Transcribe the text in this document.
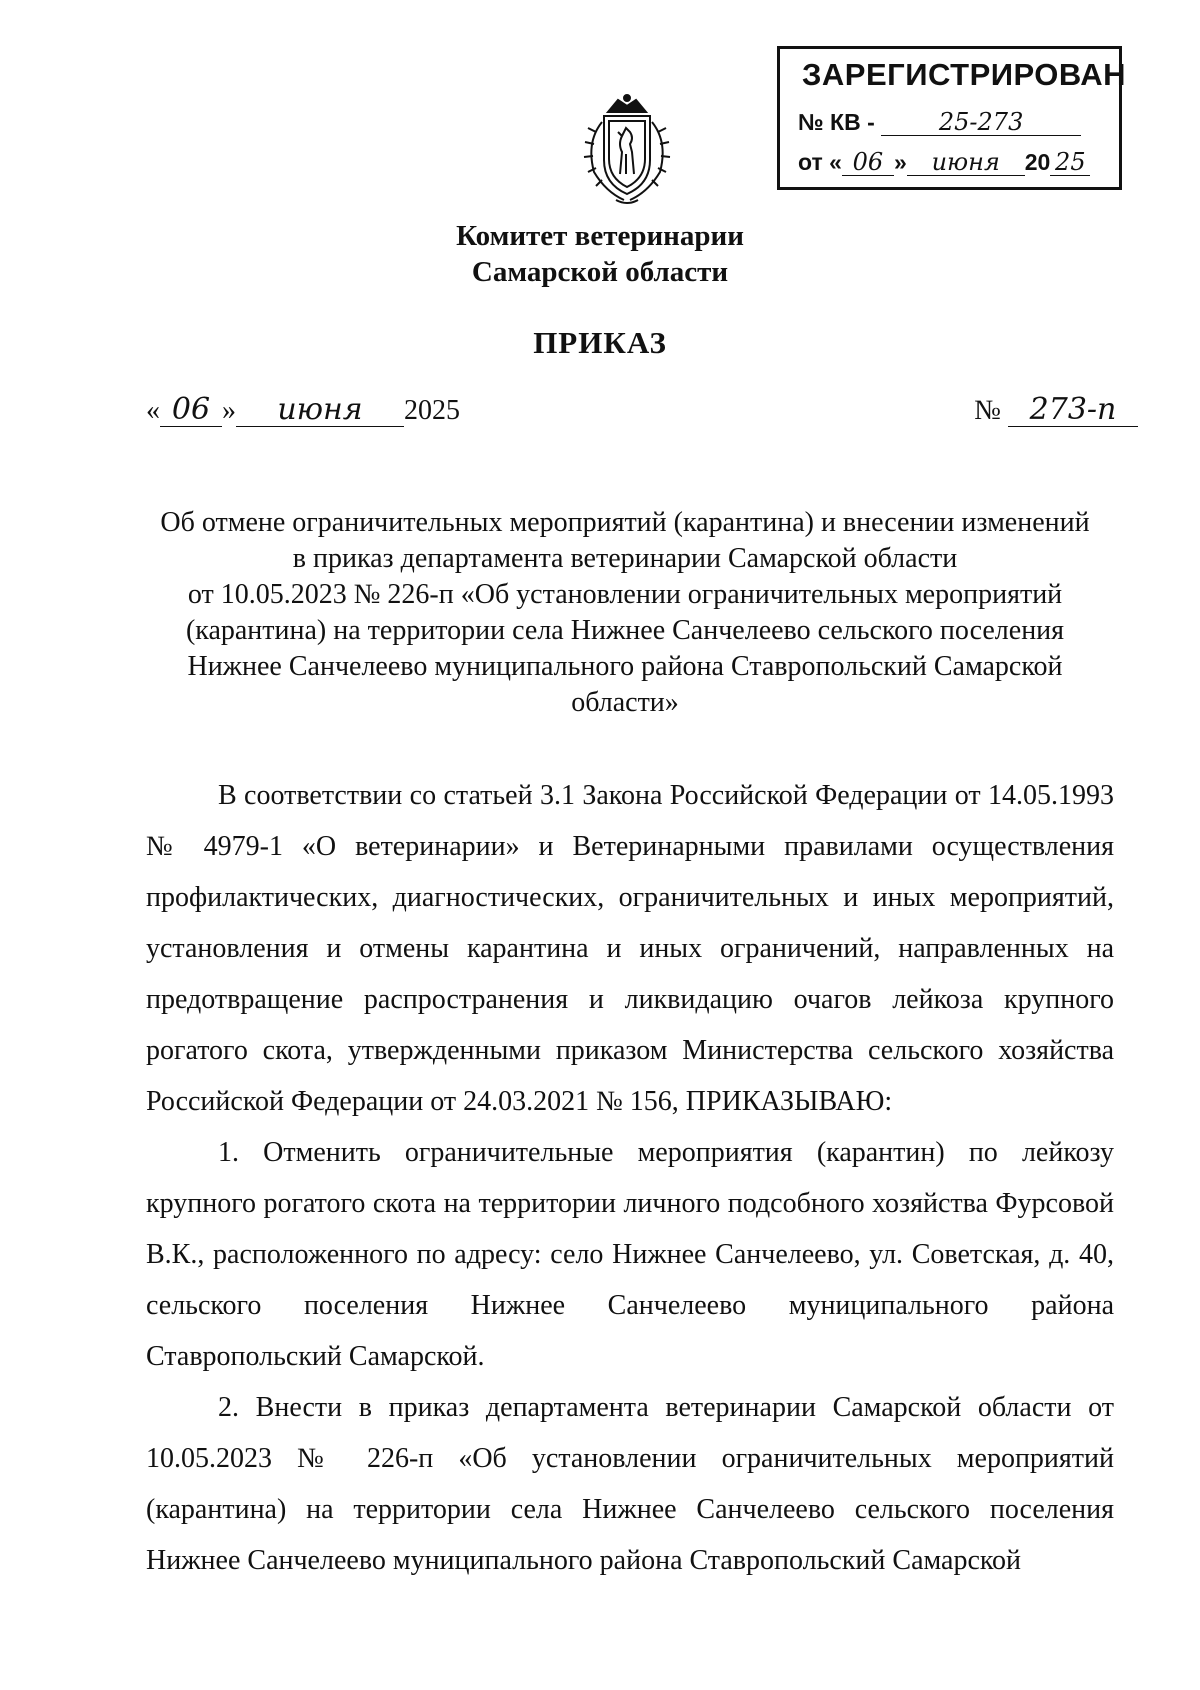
ЗАРЕГИСТРИРОВАН
№ КВ -	25-273
от « 06 » июня 20 25
Комитет ветеринарии
Самарской области
ПРИКАЗ
« 06 » июня 2025	№ 273-п
Об отмене ограничительных мероприятий (карантина) и внесении изменений
в приказ департамента ветеринарии Самарской области
от 10.05.2023 № 226-п «Об установлении ограничительных мероприятий
(карантина) на территории села Нижнее Санчелеево сельского поселения
Нижнее Санчелеево муниципального района Ставропольский Самарской
области»

В соответствии со статьей 3.1 Закона Российской Федерации от 14.05.1993 № 4979-1 «О ветеринарии» и Ветеринарными правилами осуществления профилактических, диагностических, ограничительных и иных мероприятий, установления и отмены карантина и иных ограничений, направленных на предотвращение распространения и ликвидацию очагов лейкоза крупного рогатого скота, утвержденными приказом Министерства сельского хозяйства Российской Федерации от 24.03.2021 № 156, ПРИКАЗЫВАЮ:

1. Отменить ограничительные мероприятия (карантин) по лейкозу крупного рогатого скота на территории личного подсобного хозяйства Фурсовой В.К., расположенного по адресу: село Нижнее Санчелеево, ул. Советская, д. 40, сельского поселения Нижнее Санчелеево муниципального района Ставропольский Самарской.

2. Внести в приказ департамента ветеринарии Самарской области от 10.05.2023 № 226-п «Об установлении ограничительных мероприятий (карантина) на территории села Нижнее Санчелеево сельского поселения Нижнее Санчелеево муниципального района Ставропольский Самарской
